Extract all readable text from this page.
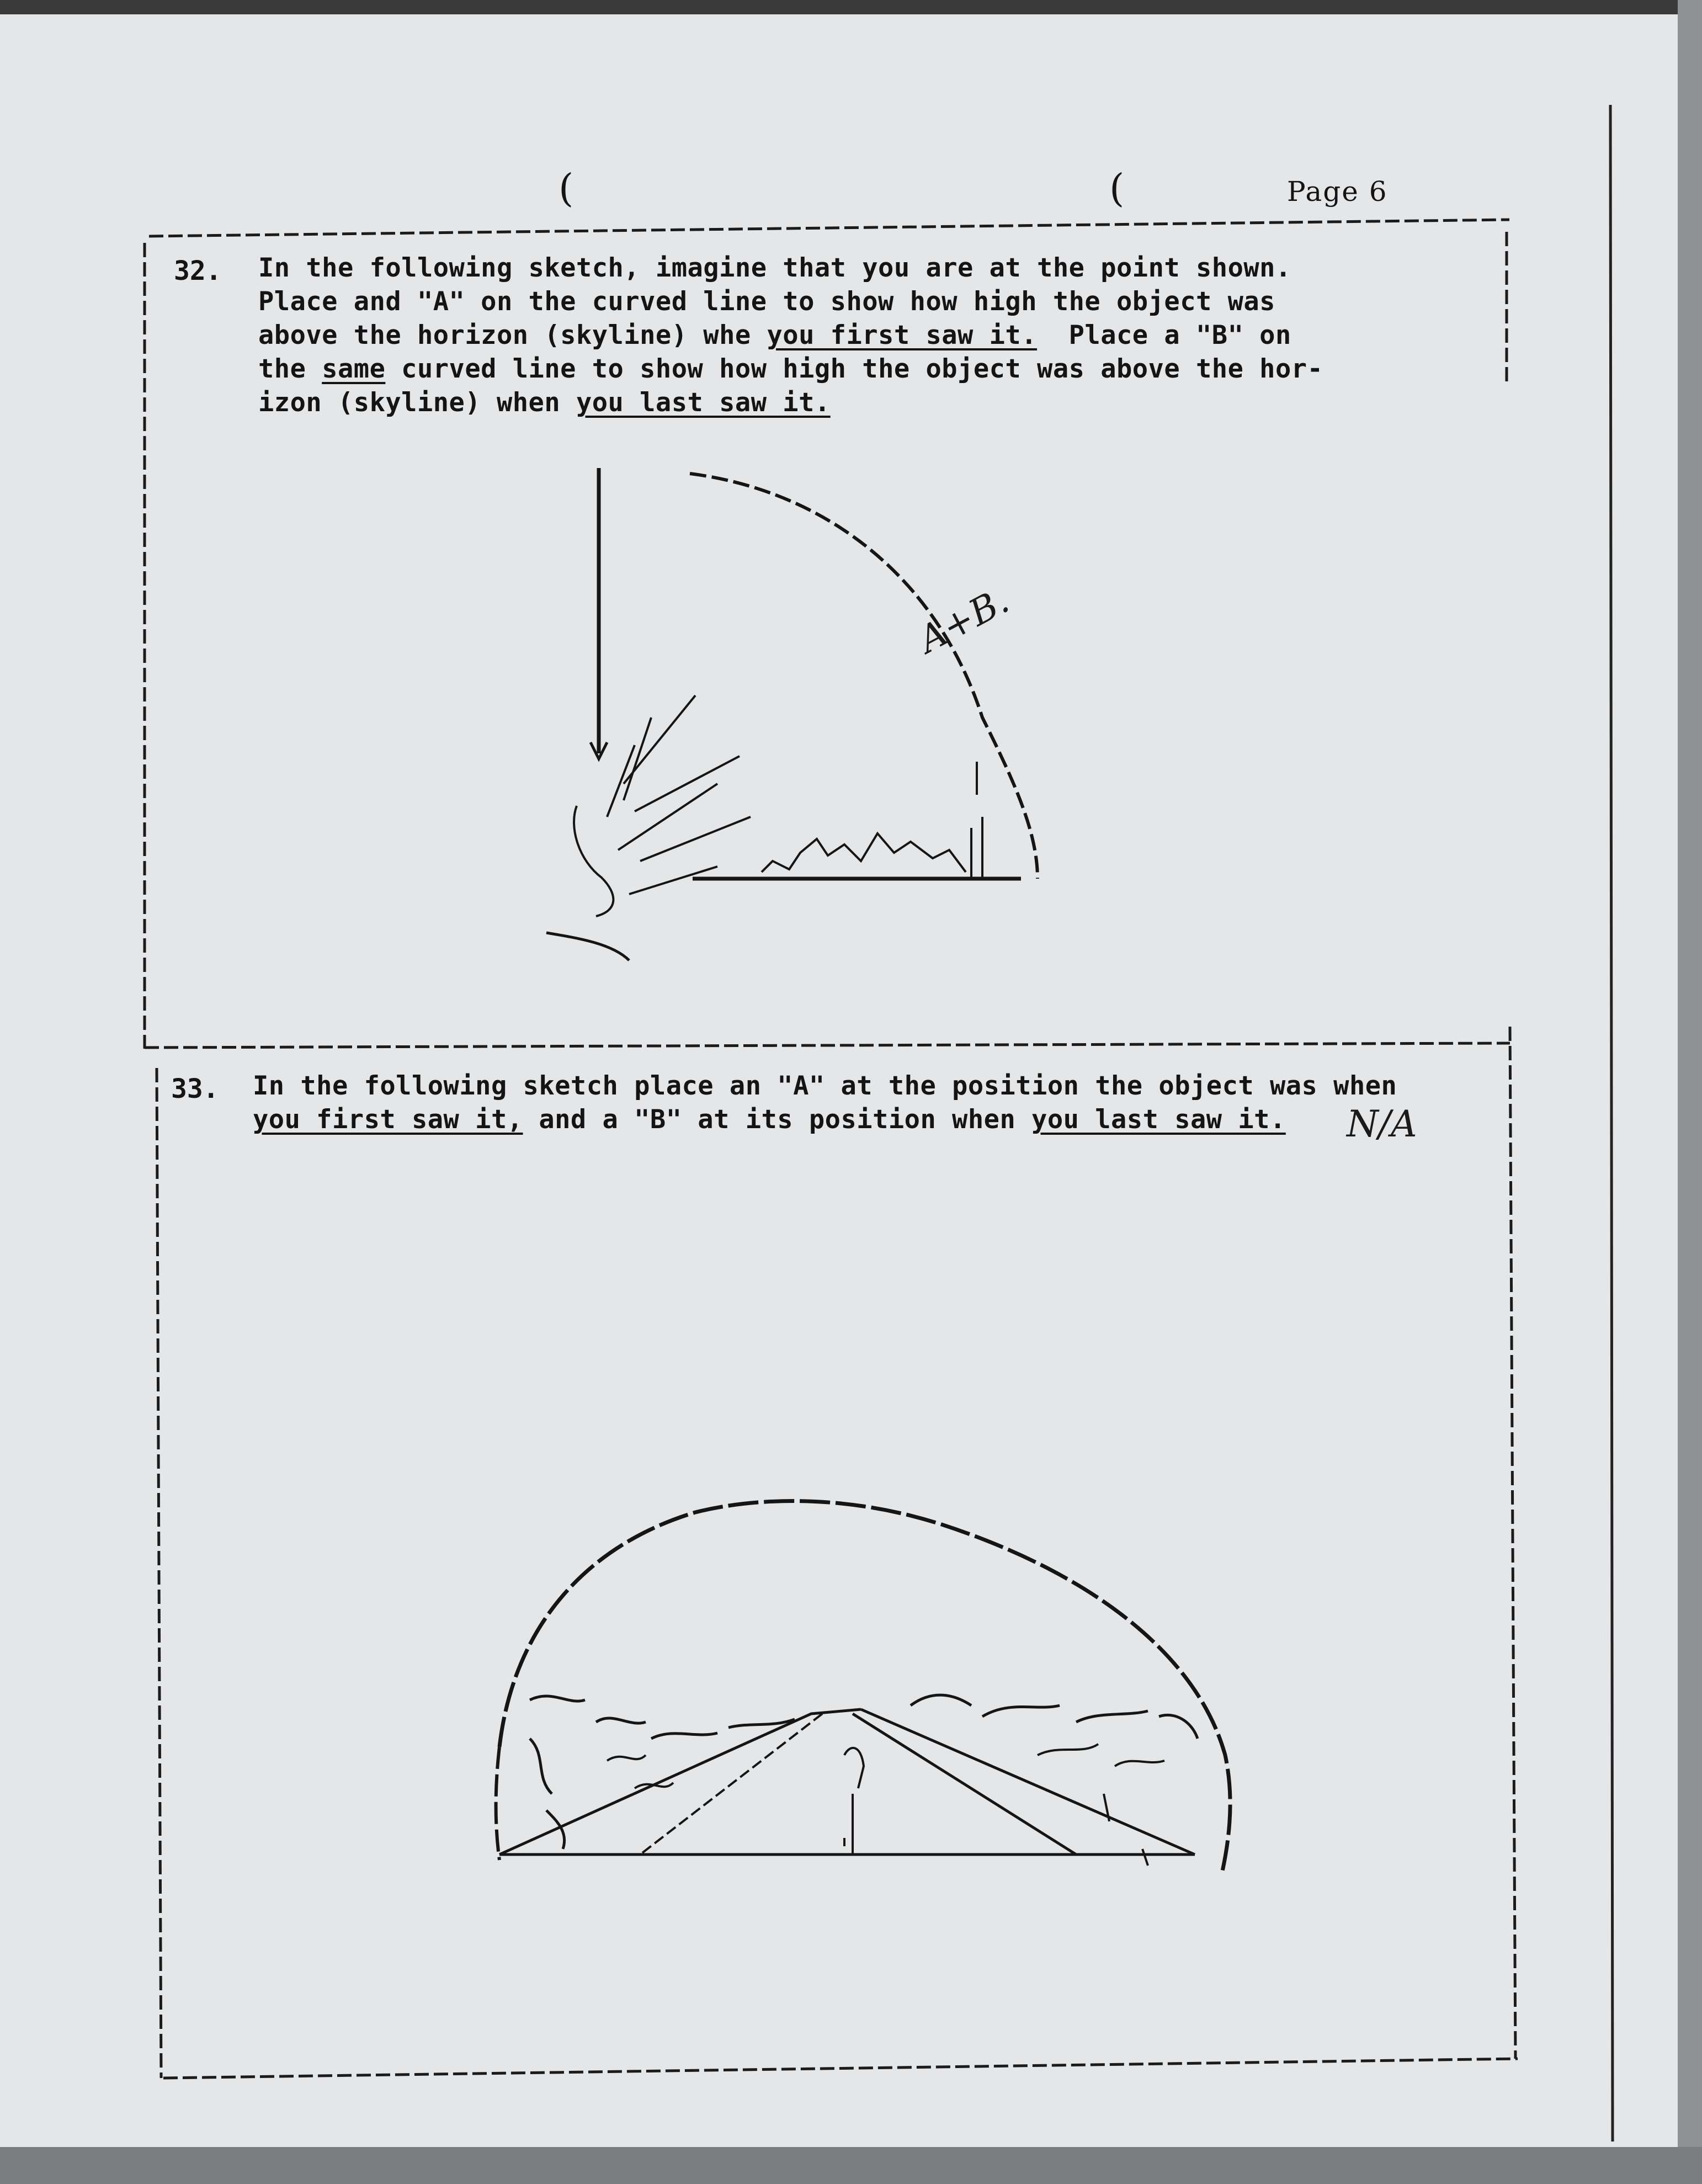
(	(	Page 6
32. In the following sketch, imagine that you are at the point shown.
Place and "A" on the curved line to show how high the object was
above the horizon (skyline) whe you first saw it.  Place a "B" on
the same curved line to show how high the object was above the hor-
izon (skyline) when you last saw it.
A+B.
33. In the following sketch place an "A" at the position the object was when
you first saw it, and a "B" at its position when you last saw it.	N/A
